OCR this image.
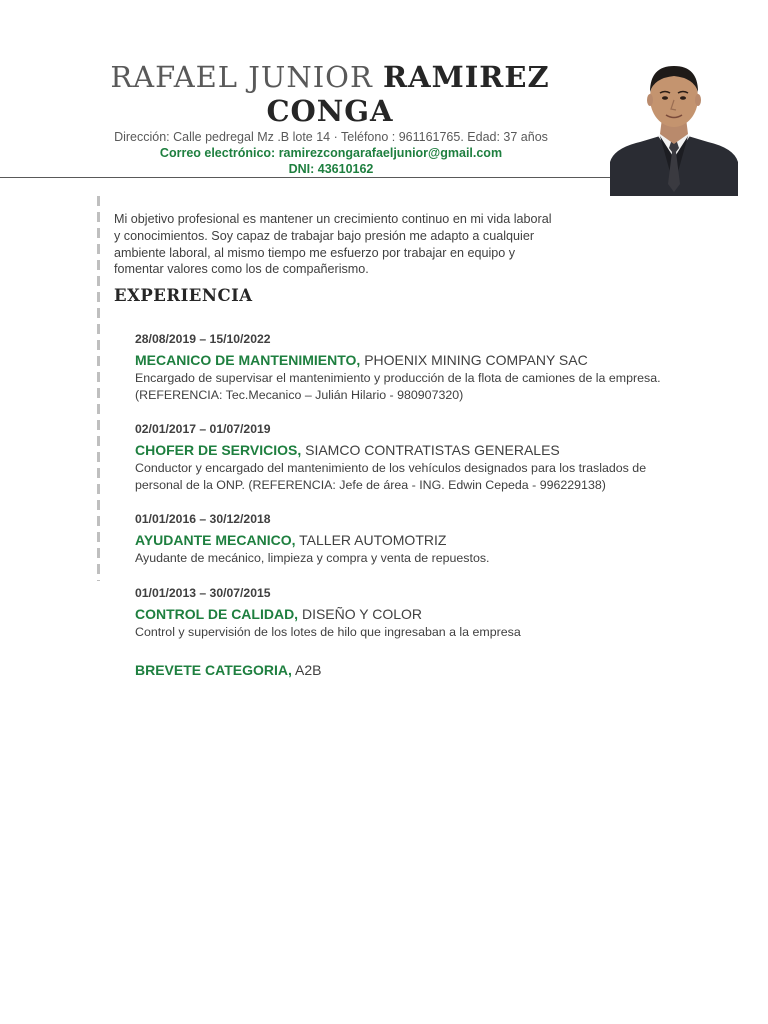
RAFAEL JUNIOR RAMIREZ
CONGA
Dirección: Calle pedregal Mz .B lote 14 · Teléfono : 961161765. Edad: 37 años
Correo electrónico: ramirezcongarafaeljunior@gmail.com
DNI: 43610162
Mi objetivo profesional es mantener un crecimiento continuo en mi vida laboral y conocimientos. Soy capaz de trabajar bajo presión me adapto a cualquier ambiente laboral, al mismo tiempo me esfuerzo por trabajar en equipo y fomentar valores como los de compañerismo.
EXPERIENCIA
28/08/2019 – 15/10/2022
MECANICO DE MANTENIMIENTO, PHOENIX MINING COMPANY SAC
Encargado de supervisar el mantenimiento y producción de la flota de camiones de la empresa. (REFERENCIA: Tec.Mecanico – Julián Hilario - 980907320)
02/01/2017 – 01/07/2019
CHOFER DE SERVICIOS, SIAMCO CONTRATISTAS GENERALES
Conductor y encargado del mantenimiento de los vehículos designados para los traslados de personal de la ONP. (REFERENCIA: Jefe de área - ING. Edwin Cepeda - 996229138)
01/01/2016 – 30/12/2018
AYUDANTE MECANICO, TALLER AUTOMOTRIZ
Ayudante de mecánico, limpieza y compra y venta de repuestos.
01/01/2013 – 30/07/2015
CONTROL DE CALIDAD, DISEÑO Y COLOR
Control y supervisión de los lotes de hilo que ingresaban a la empresa
BREVETE CATEGORIA, A2B
